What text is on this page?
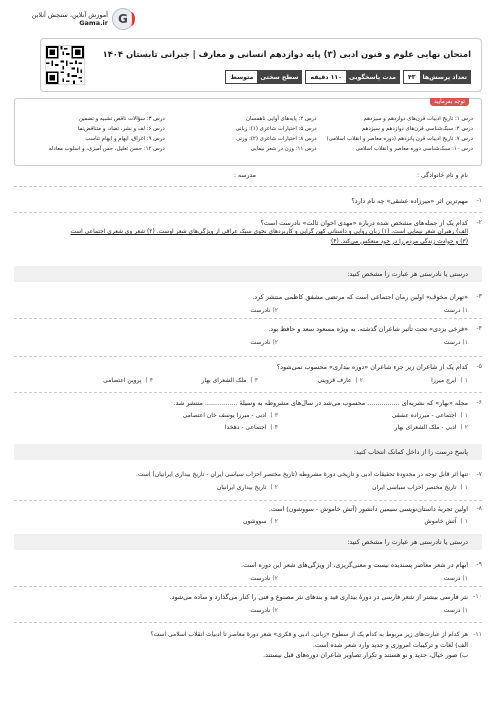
G
آموزش آنلاین، سنجش آنلاین
Gama.ir
امتحان نهایی علوم و فنون ادبی (۳) پایه دوازدهم انسانی و معارف | جبرانی تابستان ۱۴۰۴
تعداد پرسش‌ها
۴۳
مدت پاسخگویی
۱۱۰ دقیقه
سطح سختی
متوسط
توجه بفرمایید
درس ۱: تاریخ ادبیات قرن‌های دوازدهم و سیزدهم
درس ۲: پایه‌های آوایی ناهمسان
درس ۳: سؤالات ناقص تشبیه و تضمین
درس ۴: سبک‌شناسی قرن‌های دوازدهم و سیزدهم
درس ۵: اختیارات شاعری (۱): زبانی
درس ۶: لف و نشر، تضاد، و متناقض‌نما
درس ۷: تاریخ ادبیات قرن پانزدهم (دوره معاصر و انقلاب اسلامی)
درس ۸: اختیارات شاعری (۲): وزنی
درس ۹: اغراق، ایهام و ایهام تناسب
درس ۱۰: سبک‌شناسی دوره معاصر و انقلاب اسلامی
درس ۱۱: وزن در شعر نیمایی
درس ۱۲: حسن تعلیل، حس آمیزی، و اسلوب معادله
نام و نام خانوادگی :
مدرسه :
۱-
مهم‌ترین اثر «میرزاده عشقی» چه نام دارد؟
۲-
کدام یک از جمله‌های مشخص شده درباره «مهدی اخوان ثالث» نادرست است؟
الف) رهبران شعر نیمایی است. (۱) زبان روایی و داستانی کهن گرایی و کاربردهای نحوی سبک عراقی از ویژگی‌های شعر اوست. (۲) شعر وی شعری اجتماعی است
(۳) و حوادث زندگی مردم را در خود منعکس می‌کند. (۴)
درستی یا نادرستی هر عبارت را مشخص کنید:
۳-
«تهران مخوف» اولین رمان اجتماعی است که مرتضی مشفق کاظمی منتشر کرد.
۱)درست
۲)نادرست
۴-
«فرخی یزدی» تحت تأثیر شاعران گذشته، به ویژه مسعود سعد و حافظ بود.
۱)درست
۲)نادرست
۵-
کدام یک از شاعران زیر جزء شاعران «دوره بیداری» محسوب نمی‌شود؟
۱) ایرج میرزا
۲) عارف قزوینی
۳) ملک الشعرای بهار
۴) پروین اعتصامی
۶-
مجله «بهار» که نشریه‌ای ................ محسوب می‌شد در سال‌های مشروطه به وسیلهٔ ................ منتشر شد.
۱) اجتماعی - میرزاده عشقی
۳) ادبی - میرزا یوسف خان اعتصامی
۲) ادبی - ملک الشعرای بهار
۴) اجتماعی - دهخدا
پاسخ درست را از داخل کمانک انتخاب کنید:
۷-
تنها اثر قابل توجه در محدودهٔ تحقیقات ادبی و تاریخی دورهٔ مشروطه (تاریخ مختصر احزاب سیاسی ایران - تاریخ بیداری ایرانیان) است.
۱) تاریخ مختصر احزاب سیاسی ایران
۲) تاریخ بیداری ایرانیان
۸-
اولین تجربهٔ داستان‌نویسی سیمین دانشور (آتش خاموش - سووشون) است.
۱) آتش خاموش
۲) سووشون
درستی یا نادرستی هر عبارت را مشخص کنید:
۹-
ابهام در شعر معاصر پسندیده نیست و معنی‌گریزی، از ویژگی‌های شعر این دوره است.
۱)درست
۲)نادرست
۱۰-
نثر فارسی بیشتر از شعر فارسی در دورهٔ بیداری قید و بندهای نثر مصنوع و فنی را کنار می‌گذارد و ساده می‌شود.
۱)درست
۲)نادرست
۱۱-
هر کدام از عبارت‌های زیر مربوط به کدام یک از سطوح «زبانی، ادبی و فکری» شعر دورهٔ معاصر تا ادبیات انقلاب اسلامی است؟
الف) لغات و ترکیبات امروزی و جدید وارد شعر شده است.
ب) صور خیال، جدید و نو هستند و تکرار تصاویر شاعران دوره‌های قبل نیستند.
